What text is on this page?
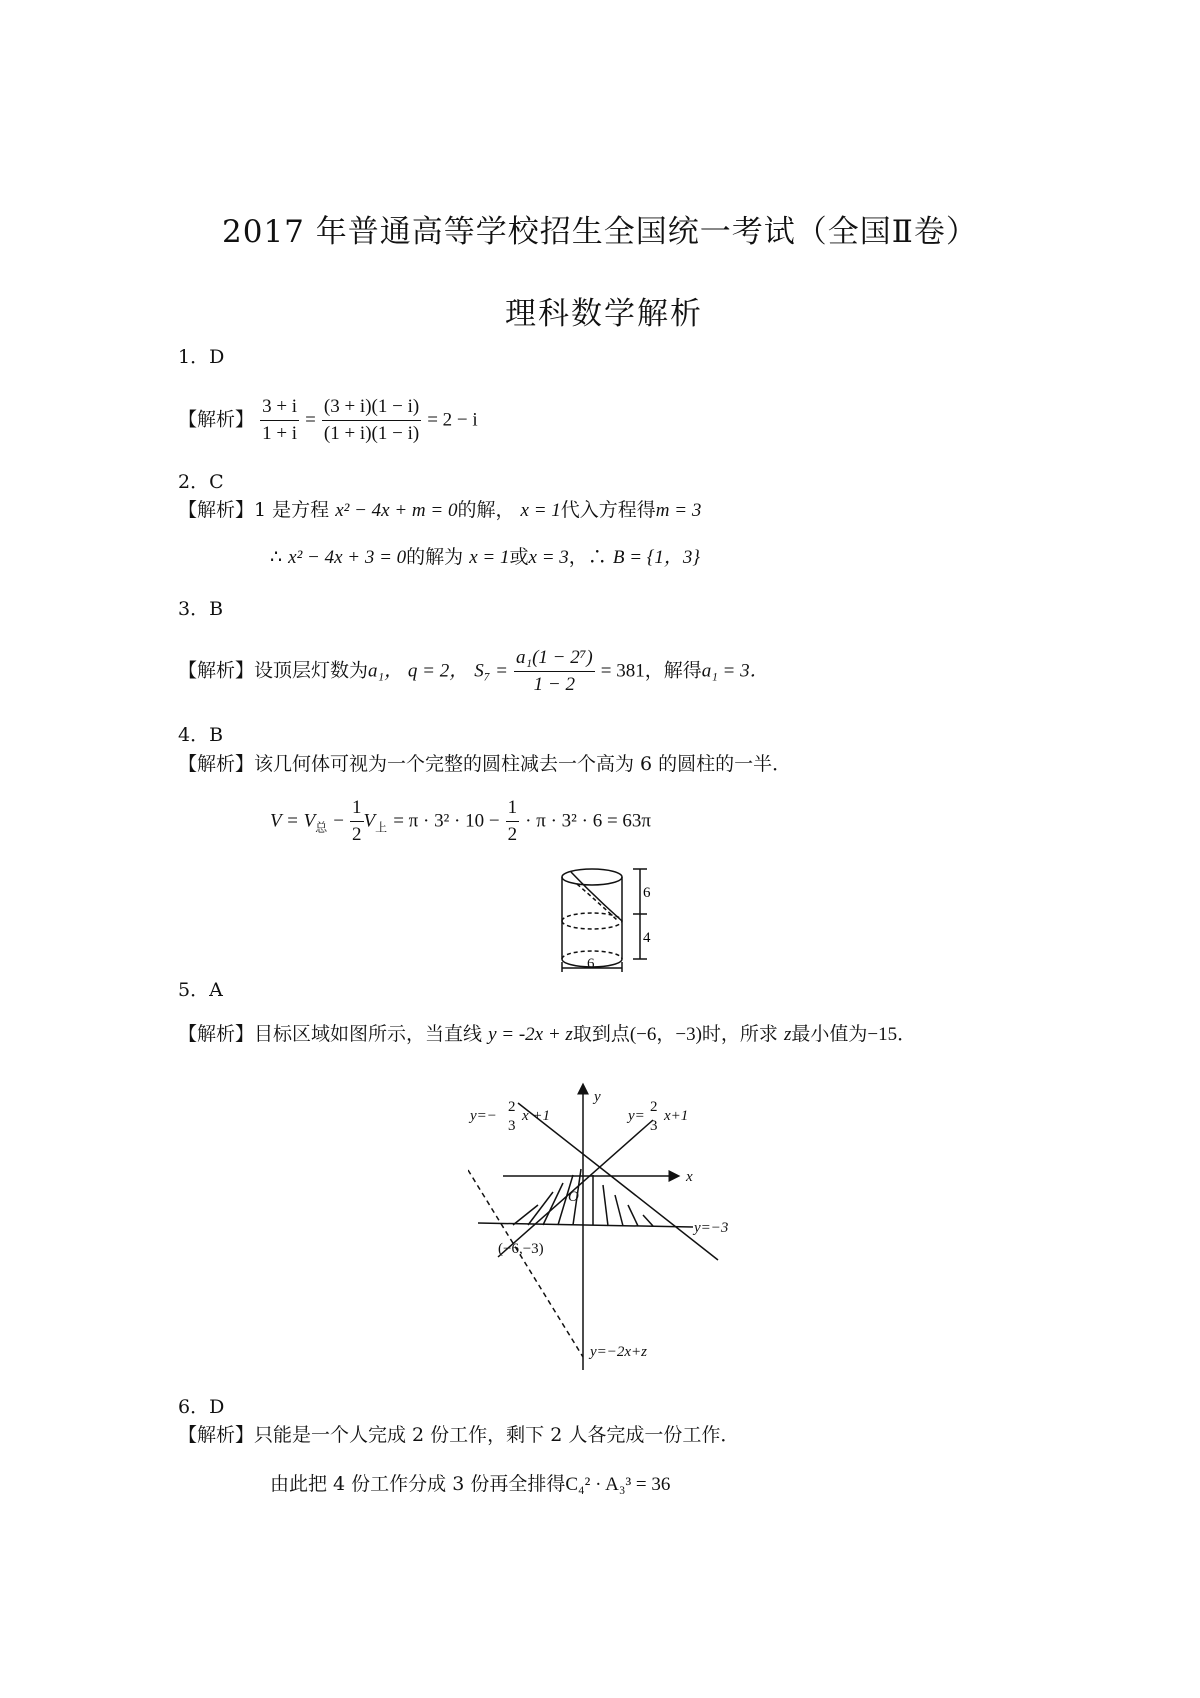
2017 年普通高等学校招生全国统一考试（全国Ⅱ卷）
理科数学解析
1．D
【解析】 $\frac{3 + i}{1 + i} = \frac{(3 + i)(1 - i)}{(1 + i)(1 - i)} = 2 - i$
2．C
【解析】1 是方程 x² − 4x + m = 0的解， x = 1代入方程得m = 3
∴ x² − 4x + 3 = 0的解为 x = 1或x = 3，∴ B = {1，3}
3．B
【解析】设顶层灯数为a₁， q = 2， $S_7 = \frac{\text{a₁(1 − 2⁷)}}{1 - 2} = 381$，解得a₁ = 3．
4．B
【解析】该几何体可视为一个完整的圆柱减去一个高为 6 的圆柱的一半．
$V = V_总 - \frac{1}{2} V_上 = \pi \cdot 3^2 \cdot 10 - \frac{1}{2} \cdot \pi \cdot 3^2 \cdot 6 = 63\pi$
6
4
6
5．A
【解析】目标区域如图所示，当直线 y = -2x + z取到点(−6，−3)时，所求 z最小值为−15．
y=−
2
3
x +1
y
y=
2
3
x+1
x
O
y=−3
(−6,−3)
y=−2x+z
6．D
【解析】只能是一个人完成 2 份工作，剩下 2 人各完成一份工作．
由此把 4 份工作分成 3 份再全排得C₄² · A₃³ = 36
